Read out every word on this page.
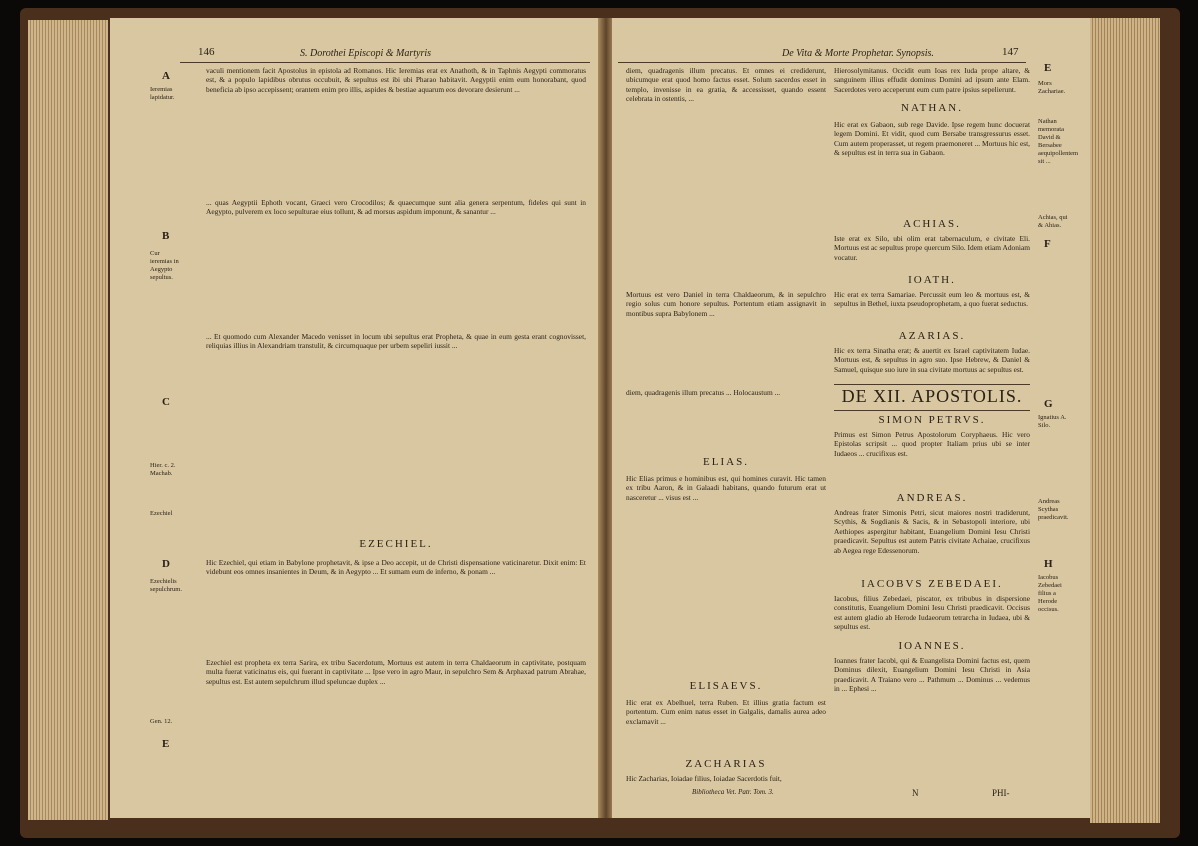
146	S. Dorothei Episcopi & Martyris
A
B
C
D
E
Ieremias lapidatur.
Cur ieremias in Aegypto sepultus.
Hier. c. 2. Machab.
Ezechiel
Ezechielis sepulchrum.
Gen. 12.
vaculi mentionem facit Apostolus in epistola ad Romanos. Hic Ieremias erat ex Anathoth, & in Taphnis Aegypti commoratus est, & a populo lapidibus obrutus occubuit, & sepultus est ibi ubi Pharao habitavit. Aegyptii enim eum honorabant, quod beneficia ab ipso accepissent; orantem enim pro illis, aspides & bestiae aquarum eos devorare desierunt ...
... quas Aegyptii Ephoth vocant, Graeci vero Crocodilos; & quaecumque sunt alia genera serpentum, fideles qui sunt in Aegypto, pulverem ex loco sepulturae eius tollunt, & ad morsus aspidum imponunt, & sanantur ...
... Et quomodo cum Alexander Macedo venisset in locum ubi sepultus erat Propheta, & quae in eum gesta erant cognovisset, reliquias illius in Alexandriam transtulit, & circumquaque per urbem sepeliri iussit ...
EZECHIEL.
Hic Ezechiel, qui etiam in Babylone prophetavit, & ipse a Deo accepit, ut de Christi dispensatione vaticinaretur. Dixit enim: Et videbunt eos omnes insanientes in Deum, & in Aegypto ... Et sumam eum de inferno, & ponam ...
Ezechiel est propheta ex terra Sarira, ex tribu Sacerdotum, Mortuus est autem in terra Chaldaeorum in captivitate, postquam multa fuerat vaticinatus eis, qui fuerant in captivitate ... Ipse vero in agro Maur, in sepulchro Sem & Arphaxad patrum Abrahae, sepultus est. Est autem sepulchrum illud speluncae duplex ...
De Vita & Morte Prophetar. Synopsis.	147
E
F
G
H
Mors Zachariae.
Nathan memorata David & Bersabee aequipollentem sit ...
Achias, qui & Ahias.
Ignatius A. Silo.
Andreas Scythas praedicavit.
Iacobus Zebedaei filius a Herode occisus.
diem, quadragenis illum precatus. Et omnes ei crediderunt, ubicumque erat quod homo factus esset. Solum sacerdos esset in templo, invenisse in ea gratia, & accessisset, quando essent celebrata in ostentis, ...
Mortuus est vero Daniel in terra Chaldaeorum, & in sepulchro regio solus cum honore sepultus. Portentum etiam assignavit in montibus supra Babylonem ...
diem, quadragenis illum precatus ... Holocaustum ...
ELIAS.
Hic Elias primus e hominibus est, qui homines curavit. Hic tamen ex tribu Aaron, & in Galaadi habitans, quando futurum erat ut nasceretur ... visus est ...
ELISAEVS.
Hic erat ex Abelhuel, terra Ruben. Et illius gratia factum est portentum. Cum enim natus esset in Galgalis, damalis aurea adeo exclamavit ...
ZACHARIAS
Hic Zacharias, Ioiadae filius, Ioiadae Sacerdotis fuit,
Bibliotheca Vet. Patr. Tom. 3.
Hierosolymitanus. Occidit eum Ioas rex Iuda prope altare, & sanguinem illius effudit dominus Domini ad ipsum ante Elam. Sacerdotes vero acceperunt eum cum patre ipsius sepelierunt.
NATHAN.
Hic erat ex Gabaon, sub rege Davide. Ipse regem hunc docuerat legem Domini. Et vidit, quod cum Bersabe transgressurus esset. Cum autem properasset, ut regem praemoneret ... Mortuus hic est, & sepultus est in terra sua in Gabaon.
ACHIAS.
Iste erat ex Silo, ubi olim erat tabernaculum, e civitate Eli. Mortuus est ac sepultus prope quercum Silo. Idem etiam Adoniam vocatur.
IOATH.
Hic erat ex terra Samariae. Percussit eum leo & mortuus est, & sepultus in Bethel, iuxta pseudoprophetam, a quo fuerat seductus.
AZARIAS.
Hic ex terra Sinatha erat; & auertit ex Israel captivitatem Iudae. Mortuus est, & sepultus in agro suo. Ipse Hebrew, & Daniel & Samuel, quisque suo iure in sua civitate mortuus ac sepultus est.
DE XII. APOSTOLIS.
SIMON PETRVS.
Primus est Simon Petrus Apostolorum Coryphaeus. Hic vero Epistolas scripsit ... quod propter Italiam prius ubi se inter Iudaeos ... crucifixus est.
ANDREAS.
Andreas frater Simonis Petri, sicut maiores nostri tradiderunt, Scythis, & Sogdianis & Sacis, & in Sebastopoli interiore, ubi Aethiopes aspergitur habitant, Euangelium Domini Iesu Christi praedicavit. Sepultus est autem Patris civitate Achaiae, crucifixus ab Aegea rege Edessenorum.
IACOBVS ZEBEDAEI.
Iacobus, filius Zebedaei, piscator, ex tribubus in dispersione constitutis, Euangelium Domini Iesu Christi praedicavit. Occisus est autem gladio ab Herode Iudaeorum tetrarcha in Iudaea, ubi & sepultus est.
IOANNES.
Ioannes frater Iacobi, qui & Euangelista Domini factus est, quem Dominus dilexit, Euangelium Domini Iesu Christi in Asia praedicavit. A Traiano vero ... Pathmum ... Dominus ... vedemus in ... Ephesi ...
N	PHI-
